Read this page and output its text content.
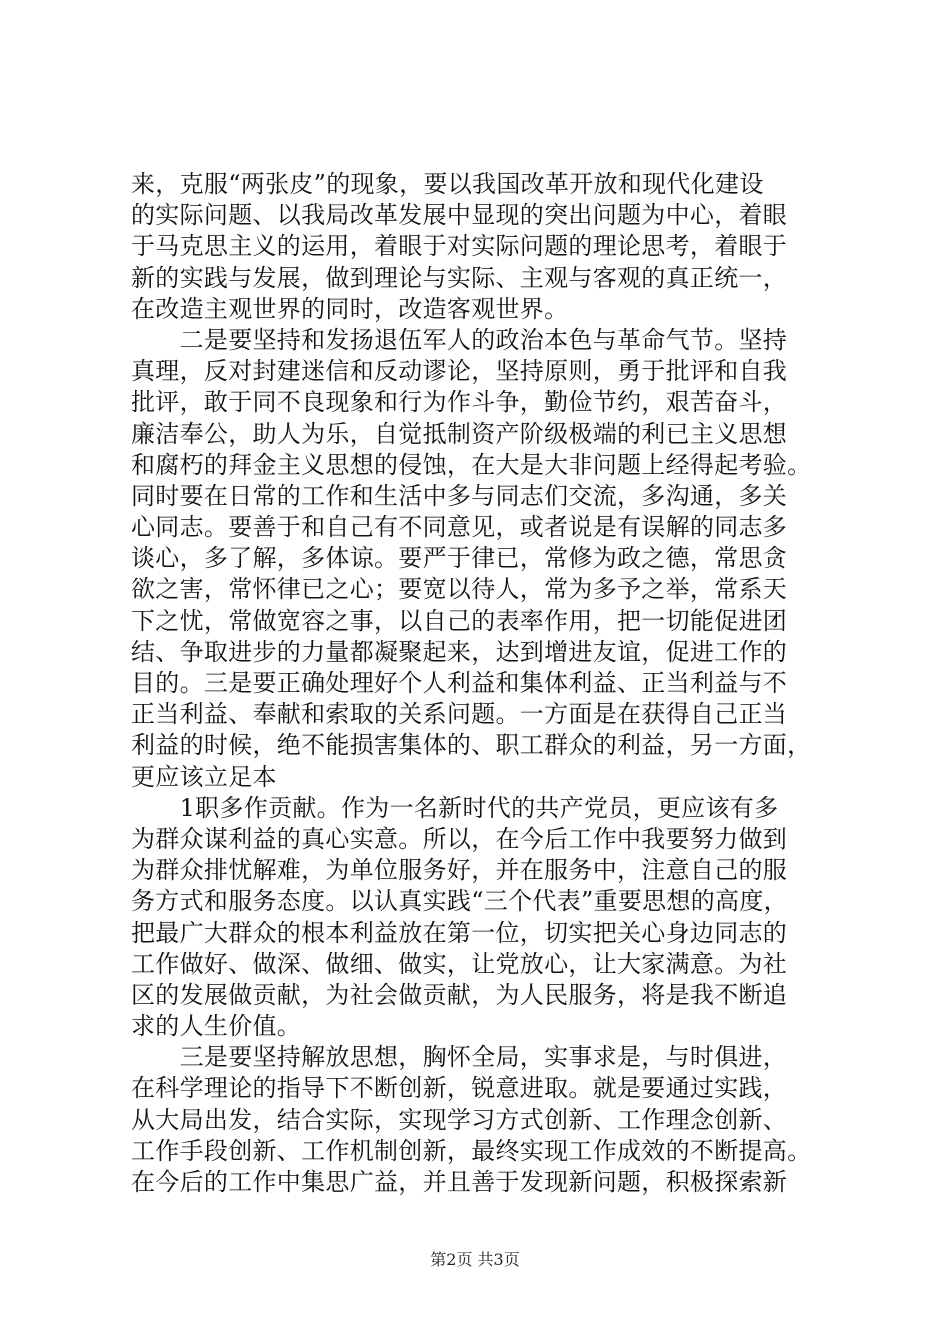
来，克服“两张皮”的现象，要以我国改革开放和现代化建设
的实际问题、以我局改革发展中显现的突出问题为中心，着眼
于马克思主义的运用，着眼于对实际问题的理论思考，着眼于
新的实践与发展，做到理论与实际、主观与客观的真正统一，
在改造主观世界的同时，改造客观世界。
　　二是要坚持和发扬退伍军人的政治本色与革命气节。坚持
真理，反对封建迷信和反动谬论，坚持原则，勇于批评和自我
批评，敢于同不良现象和行为作斗争，勤俭节约，艰苦奋斗，
廉洁奉公，助人为乐，自觉抵制资产阶级极端的利已主义思想
和腐朽的拜金主义思想的侵蚀，在大是大非问题上经得起考验。
同时要在日常的工作和生活中多与同志们交流，多沟通，多关
心同志。要善于和自己有不同意见，或者说是有误解的同志多
谈心，多了解，多体谅。要严于律已，常修为政之德，常思贪
欲之害，常怀律已之心；要宽以待人，常为多予之举，常系天
下之忧，常做宽容之事，以自己的表率作用，把一切能促进团
结、争取进步的力量都凝聚起来，达到增进友谊，促进工作的
目的。三是要正确处理好个人利益和集体利益、正当利益与不
正当利益、奉献和索取的关系问题。一方面是在获得自己正当
利益的时候，绝不能损害集体的、职工群众的利益，另一方面，
更应该立足本
　　1职多作贡献。作为一名新时代的共产党员，更应该有多
为群众谋利益的真心实意。所以，在今后工作中我要努力做到
为群众排忧解难，为单位服务好，并在服务中，注意自己的服
务方式和服务态度。以认真实践“三个代表”重要思想的高度，
把最广大群众的根本利益放在第一位，切实把关心身边同志的
工作做好、做深、做细、做实，让党放心，让大家满意。为社
区的发展做贡献，为社会做贡献，为人民服务，将是我不断追
求的人生价值。
　　三是要坚持解放思想，胸怀全局，实事求是，与时俱进，
在科学理论的指导下不断创新，锐意进取。就是要通过实践，
从大局出发，结合实际，实现学习方式创新、工作理念创新、
工作手段创新、工作机制创新，最终实现工作成效的不断提高。
在今后的工作中集思广益，并且善于发现新问题，积极探索新
第2页 共3页
